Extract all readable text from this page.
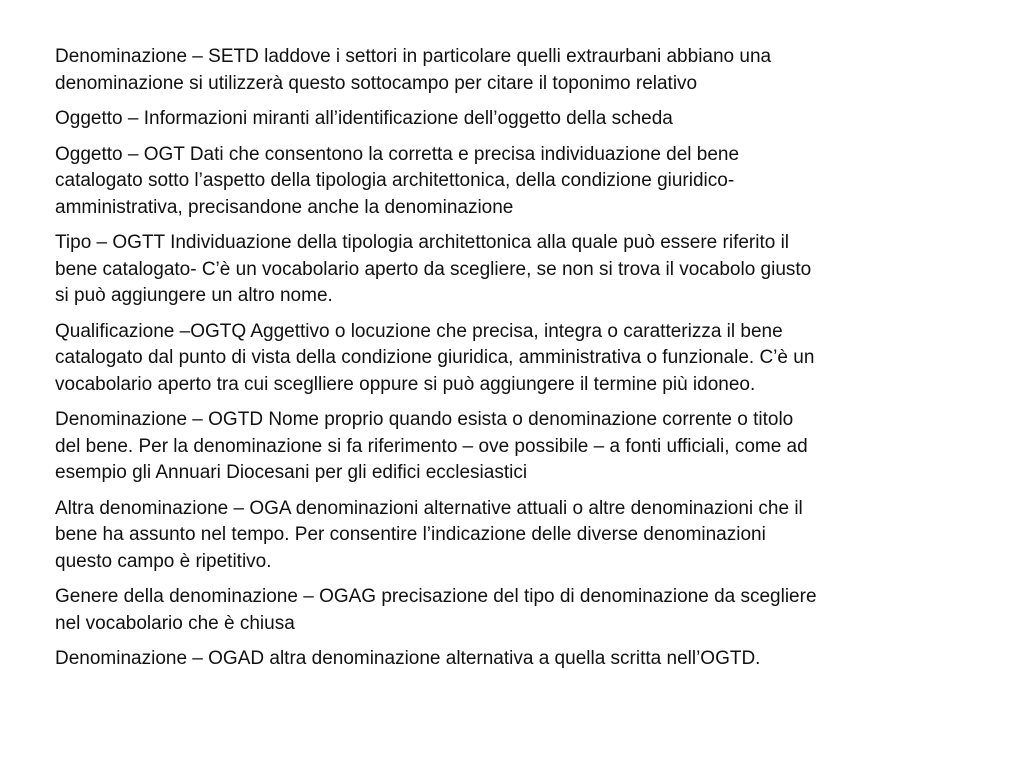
Denominazione – SETD laddove i settori in particolare quelli extraurbani abbiano una
denominazione si utilizzerà questo sottocampo per citare il toponimo relativo

Oggetto – Informazioni miranti all’identificazione dell’oggetto della scheda

Oggetto – OGT Dati che consentono la corretta e precisa individuazione del bene
catalogato sotto l’aspetto della tipologia architettonica, della condizione giuridico-
amministrativa, precisandone anche la denominazione

Tipo – OGTT Individuazione della tipologia architettonica alla quale può essere riferito il
bene catalogato- C’è un vocabolario aperto da scegliere, se non si trova il vocabolo giusto
si può aggiungere un altro nome.

Qualificazione –OGTQ Aggettivo o locuzione che precisa, integra o caratterizza il bene
catalogato dal punto di vista della condizione giuridica, amministrativa o funzionale. C’è un
vocabolario aperto tra cui sceglliere oppure si può aggiungere il termine più idoneo.

Denominazione – OGTD Nome proprio quando esista o denominazione corrente o titolo
del bene. Per la denominazione si fa riferimento – ove possibile – a fonti ufficiali, come ad
esempio gli Annuari Diocesani per gli edifici ecclesiastici

Altra denominazione – OGA denominazioni alternative attuali o altre denominazioni che il
bene ha assunto nel tempo. Per consentire l’indicazione delle diverse denominazioni
questo campo è ripetitivo.

Genere della denominazione – OGAG precisazione del tipo di denominazione da scegliere
nel vocabolario che è chiusa

Denominazione – OGAD altra denominazione alternativa a quella scritta nell’OGTD.
